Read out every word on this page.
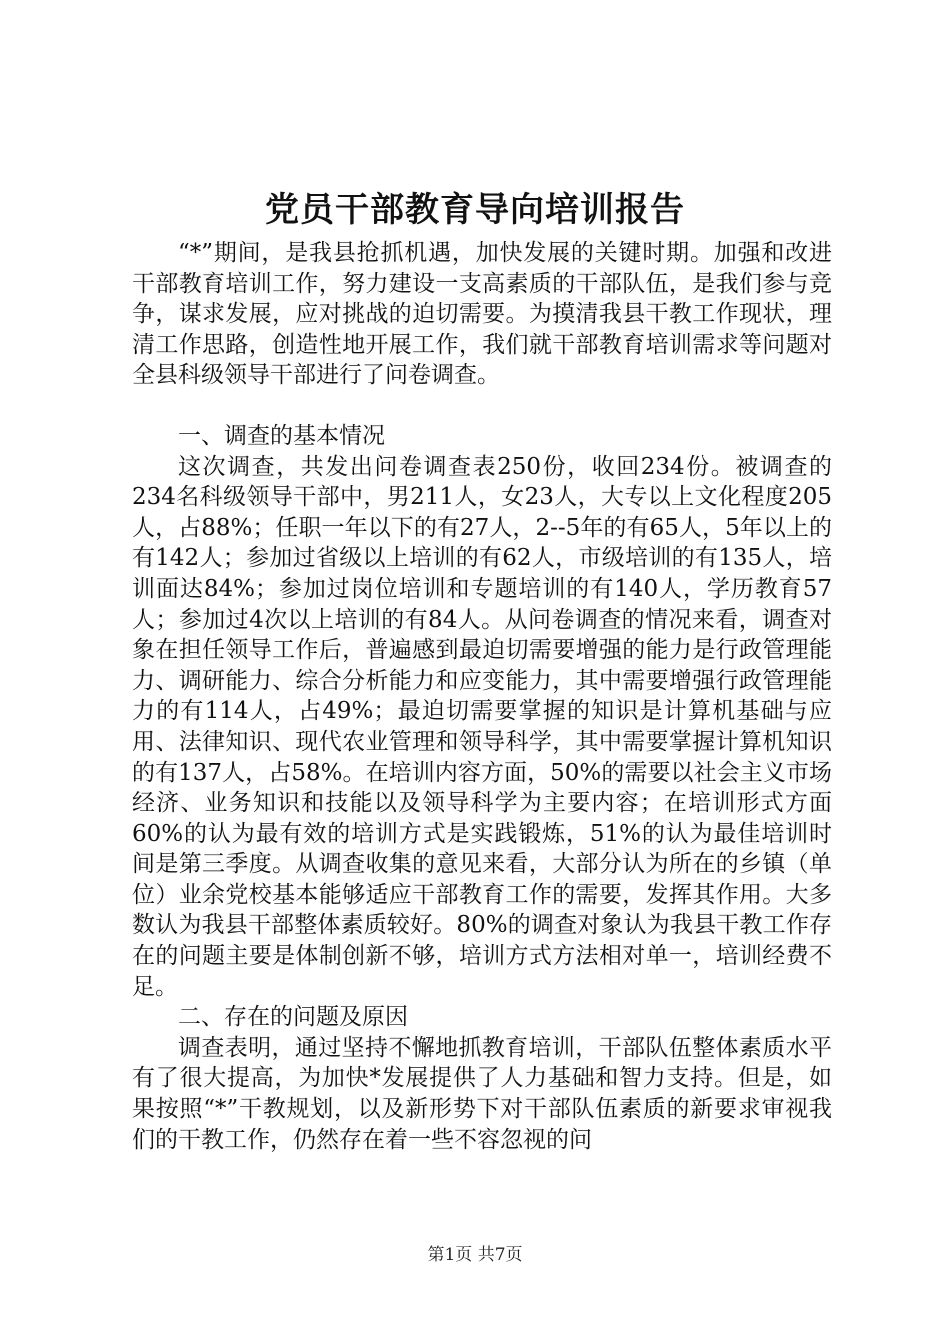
党员干部教育导向培训报告

“*”期间，是我县抢抓机遇，加快发展的关键时期。加强和改进干部教育培训工作，努力建设一支高素质的干部队伍，是我们参与竞争，谋求发展，应对挑战的迫切需要。为摸清我县干教工作现状，理清工作思路，创造性地开展工作，我们就干部教育培训需求等问题对全县科级领导干部进行了问卷调查。

一、调查的基本情况

这次调查，共发出问卷调查表250份，收回234份。被调查的234名科级领导干部中，男211人，女23人，大专以上文化程度205人，占88%；任职一年以下的有27人，2--5年的有65人，5年以上的有142人；参加过省级以上培训的有62人，市级培训的有135人，培训面达84%；参加过岗位培训和专题培训的有140人，学历教育57人；参加过4次以上培训的有84人。从问卷调查的情况来看，调查对象在担任领导工作后，普遍感到最迫切需要增强的能力是行政管理能力、调研能力、综合分析能力和应变能力，其中需要增强行政管理能力的有114人，占49%；最迫切需要掌握的知识是计算机基础与应用、法律知识、现代农业管理和领导科学，其中需要掌握计算机知识的有137人，占58%。在培训内容方面，50%的需要以社会主义市场经济、业务知识和技能以及领导科学为主要内容；在培训形式方面60%的认为最有效的培训方式是实践锻炼，51%的认为最佳培训时间是第三季度。从调查收集的意见来看，大部分认为所在的乡镇（单位）业余党校基本能够适应干部教育工作的需要，发挥其作用。大多数认为我县干部整体素质较好。80%的调查对象认为我县干教工作存在的问题主要是体制创新不够，培训方式方法相对单一，培训经费不足。

二、存在的问题及原因

调查表明，通过坚持不懈地抓教育培训，干部队伍整体素质水平有了很大提高，为加快*发展提供了人力基础和智力支持。但是，如果按照“*”干教规划，以及新形势下对干部队伍素质的新要求审视我们的干教工作，仍然存在着一些不容忽视的问

第1页 共7页
